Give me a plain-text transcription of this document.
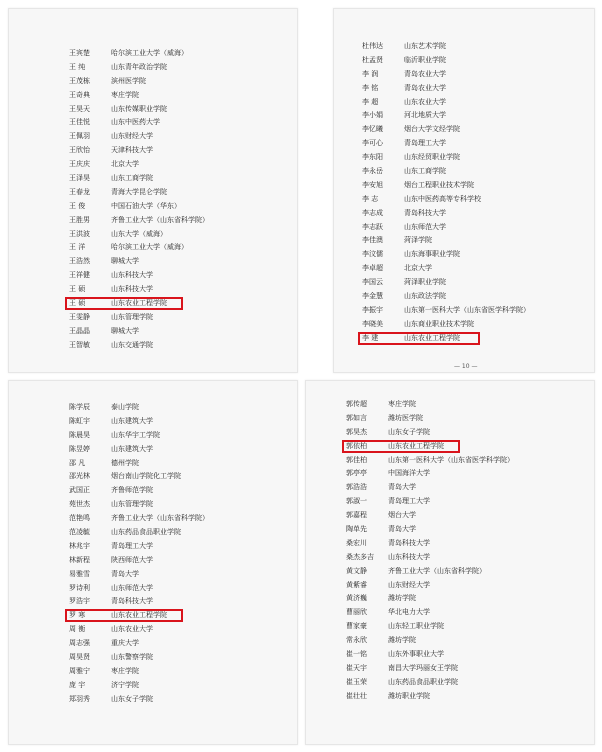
王宾楚	哈尔滨工业大学（威海）
王 纯	山东青年政治学院
王茂栋	滨州医学院
王奇典	枣庄学院
王昊天	山东传媒职业学院
王佳悦	山东中医药大学
王佩羽	山东财经大学
王欣怡	天津科技大学
王庆庆	北京大学
王泽昊	山东工商学院
王春龙	青海大学昆仑学院
王 俊	中国石油大学（华东）
王胜男	齐鲁工业大学（山东省科学院）
王洪波	山东大学（威海）
王 洋	哈尔滨工业大学（威海）
王浩然	聊城大学
王祥健	山东科技大学
王 硕	山东科技大学
王 硕	山东农业工程学院
王雯静	山东管理学院
王晶晶	聊城大学
王智敏	山东交通学院
杜伟达	山东艺术学院
杜孟贤	临沂职业学院
李 润	青岛农业大学
李 铭	青岛农业大学
李 超	山东农业大学
李小娟	河北地质大学
李忆曦	烟台大学文经学院
李可心	青岛理工大学
李东阳	山东经贸职业学院
李永岳	山东工商学院
李安旭	烟台工程职业技术学院
李 志	山东中医药高等专科学校
李志成	青岛科技大学
李志跃	山东师范大学
李佳澳	菏泽学院
李汶儒	山东海事职业学院
李卓超	北京大学
李国云	菏泽职业学院
李金慧	山东政法学院
李振宇	山东第一医科大学（山东省医学科学院）
李晓美	山东商业职业技术学院
李 建	山东农业工程学院
— 10 —
陈学辰	泰山学院
陈虹宇	山东建筑大学
陈晨昊	山东华宇工学院
陈昱婷	山东建筑大学
邵 凡	德州学院
邵光林	烟台南山学院化工学院
武国正	齐鲁师范学院
苑世杰	山东管理学院
范艳鸣	齐鲁工业大学（山东省科学院）
范凌毓	山东药品食品职业学院
林兆宇	青岛理工大学
林新程	陕西师范大学
易雅雪	青岛大学
罗诗利	山东师范大学
罗浩宇	青岛科技大学
罗 寒	山东农业工程学院
周 衡	山东农业大学
周志强	重庆大学
周昊贤	山东警察学院
周雅宁	枣庄学院
庞 宇	济宁学院
郑羽秀	山东女子学院
郭传超	枣庄学院
郭如言	潍坊医学院
郭昊杰	山东女子学院
郭依柏	山东农业工程学院
郭佳柏	山东第一医科大学（山东省医学科学院）
郭亭亭	中国海洋大学
郭浩浩	青岛大学
郭淑一	青岛理工大学
郭嘉程	烟台大学
陶单先	青岛大学
桑宏川	青岛科技大学
桑杰多吉 山东科技大学
黄文静	齐鲁工业大学（山东省科学院）
黄紫睿	山东财经大学
黄济巍	潍坊学院
曹丽欣	华北电力大学
曹家豪	山东轻工职业学院
常永欣	潍坊学院
崔一铭	山东外事职业大学
崔天宇	南昌大学玛丽女王学院
崔玉荣	山东药品食品职业学院
崔壮壮	潍坊职业学院
